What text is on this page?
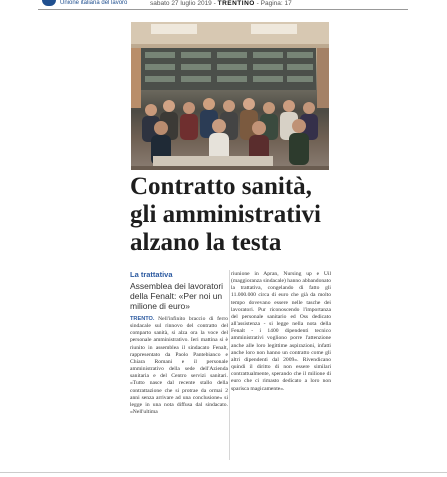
Unione italiana del lavoro	sabato 27 luglio 2019 - TRENTINO - Pagina: 17
Contratto sanità,
gli amministrativi
alzano la testa
La trattativa
Assemblea dei lavoratori della Fenalt: «Per noi un milione di euro»
TRENTO. Nell'infinito braccio di ferro sindacale sul rinnovo del contratto del comparto sanità, si alza ora la voce del personale amministrativo. Ieri mattina si è riunito in assemblea il sindacato Fenalt, rappresentato da Paolo Pantebianco e Chiara Romani e il personale amministrativo della sede dell'Azienda sanitaria e del Centro servizi sanitari. «Tutto nasce dal recente stallo della contrattazione che si protrae da ormai 2 anni senza arrivare ad una conclusione» si legge in una nota diffusa dal sindacato. «Nell'ultima
riunione in Apran, Nursing up e Uil (maggioranza sindacale) hanno abbandonato la trattativa, congelando di fatto gli 11.000.000 circa di euro che già da molto tempo dovevano essere nelle tasche dei lavoratori. Pur riconoscendo l'importanza del personale sanitario ed Oss dedicato all'assistenza - si legge nella nota della Fenalt - i 1400 dipendenti tecnico amministrativi vogliono porre l'attenzione anche alle loro legittime aspirazioni, infatti anche loro non hanno un contratto come gli altri dipendenti dal 2009». Rivendicano quindi il diritto di non essere similari contrattualmente, sperando che il milione di euro che ci rimasto dedicato a loro non sparisca magicamente».
